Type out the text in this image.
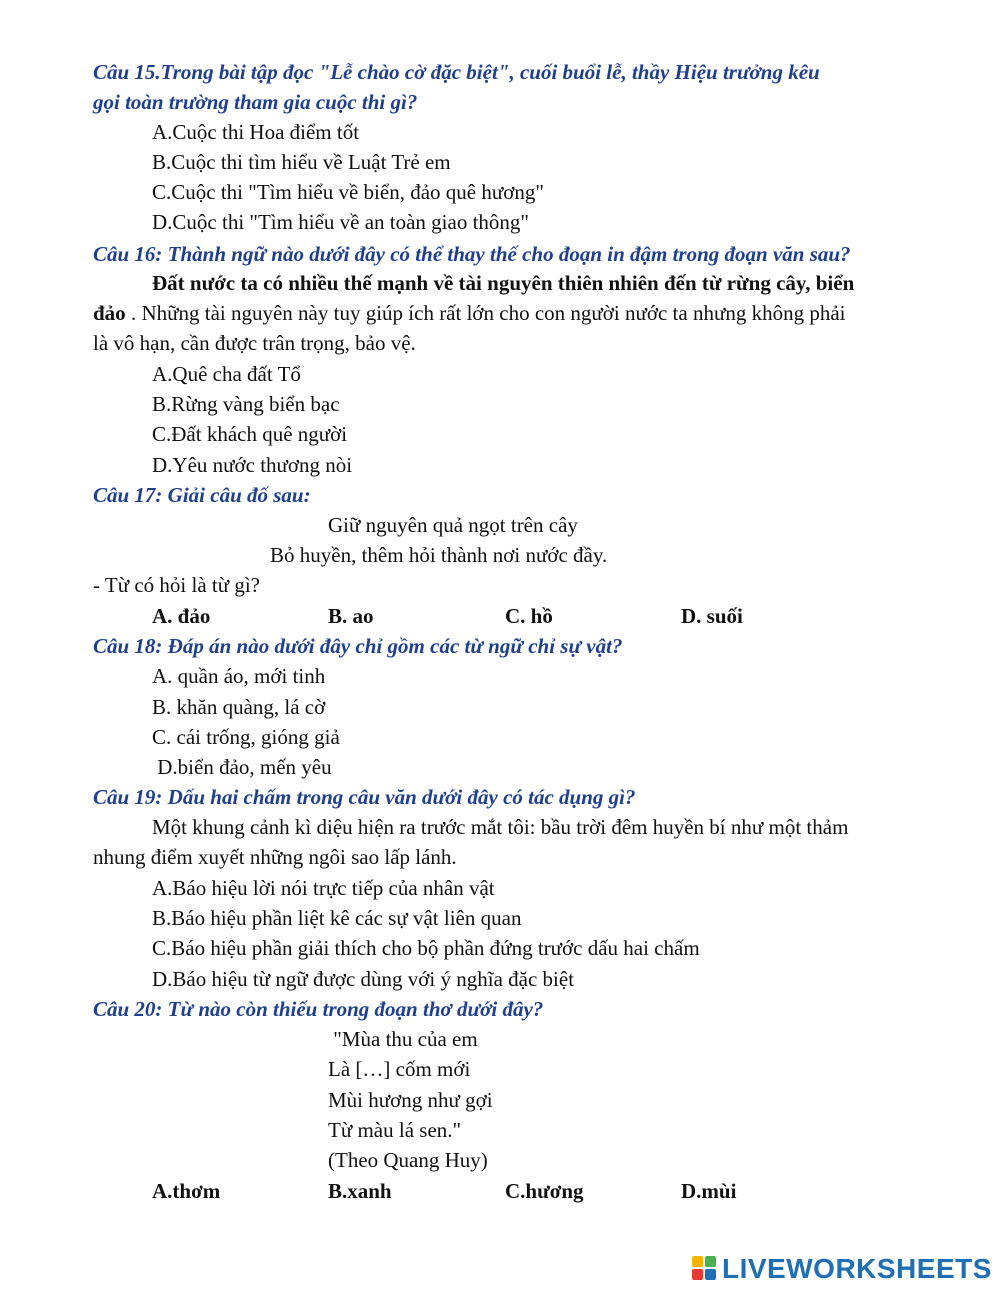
Câu 15.Trong bài tập đọc "Lễ chào cờ đặc biệt", cuối buổi lễ, thầy Hiệu trưởng kêu
gọi toàn trường tham gia cuộc thi gì?
A.Cuộc thi Hoa điểm tốt
B.Cuộc thi tìm hiểu về Luật Trẻ em
C.Cuộc thi "Tìm hiểu về biển, đảo quê hương"
D.Cuộc thi "Tìm hiểu về an toàn giao thông"
Câu 16: Thành ngữ nào dưới đây có thể thay thế cho đoạn in đậm trong đoạn văn sau?
Đất nước ta có nhiều thế mạnh về tài nguyên thiên nhiên đến từ rừng cây, biển
đảo . Những tài nguyên này tuy giúp ích rất lớn cho con người nước ta nhưng không phải
là vô hạn, cần được trân trọng, bảo vệ.
A.Quê cha đất Tổ
B.Rừng vàng biển bạc
C.Đất khách quê người
D.Yêu nước thương nòi
Câu 17: Giải câu đố sau:
Giữ nguyên quả ngọt trên cây
Bỏ huyền, thêm hỏi thành nơi nước đầy.
- Từ có hỏi là từ gì?
A. đảo	B. ao	C. hồ	D. suối
Câu 18: Đáp án nào dưới đây chỉ gồm các từ ngữ chỉ sự vật?
A. quần áo, mới tinh
B. khăn quàng, lá cờ
C. cái trống, gióng giả
D.biển đảo, mến yêu
Câu 19: Dấu hai chấm trong câu văn dưới đây có tác dụng gì?
Một khung cảnh kì diệu hiện ra trước mắt tôi: bầu trời đêm huyền bí như một thảm
nhung điểm xuyết những ngôi sao lấp lánh.
A.Báo hiệu lời nói trực tiếp của nhân vật
B.Báo hiệu phần liệt kê các sự vật liên quan
C.Báo hiệu phần giải thích cho bộ phần đứng trước dấu hai chấm
D.Báo hiệu từ ngữ được dùng với ý nghĩa đặc biệt
Câu 20: Từ nào còn thiếu trong đoạn thơ dưới đây?
"Mùa thu của em
Là […] cốm mới
Mùi hương như gợi
Từ màu lá sen."
(Theo Quang Huy)
A.thơm	B.xanh	C.hương	D.mùi
LIVEWORKSHEETS
